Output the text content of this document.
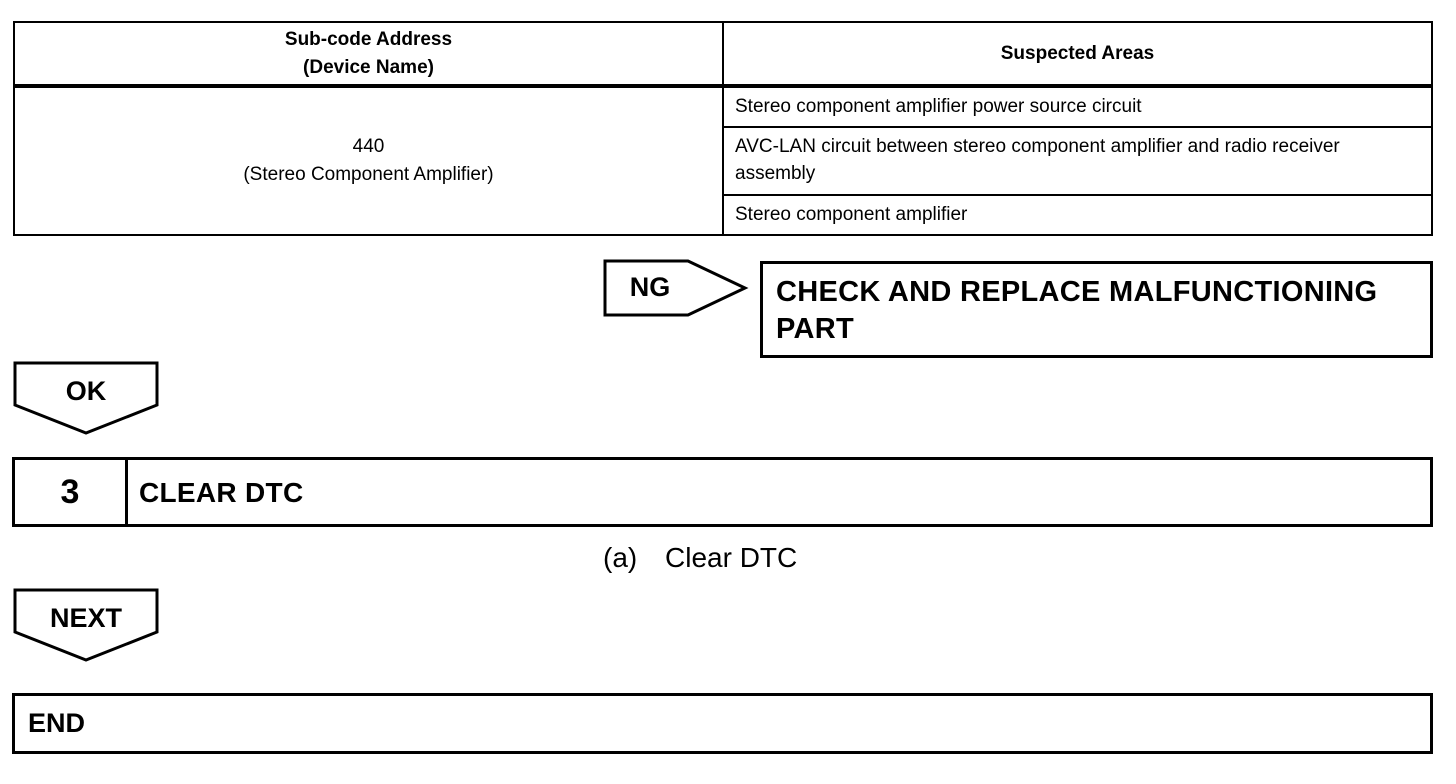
Sub-code Address
(Device Name)	Suspected Areas

440
(Stereo Component Amplifier)	Stereo component amplifier power source circuit
	AVC-LAN circuit between stereo component amplifier and radio receiver assembly
	Stereo component amplifier
NG	CHECK AND REPLACE MALFUNCTIONING PART
OK
3	CLEAR DTC
(a) Clear DTC
NEXT
END
